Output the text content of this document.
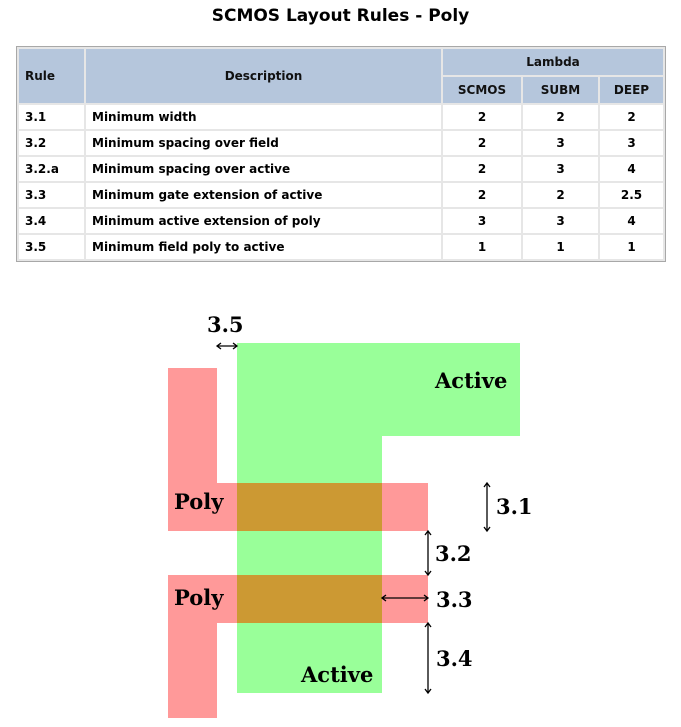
SCMOS Layout Rules - Poly
Rule	Description	Lambda		
		SCMOS	SUBM	DEEP
3.1	Minimum width	2	2	2
3.2	Minimum spacing over field	2	3	3
3.2.a	Minimum spacing over active	2	3	4
3.3	Minimum gate extension of active	2	2	2.5
3.4	Minimum active extension of poly	3	3	4
3.5	Minimum field poly to active	1	1	1
Active
Active
Poly
Poly
3.5
3.1
3.2
3.3
3.4
